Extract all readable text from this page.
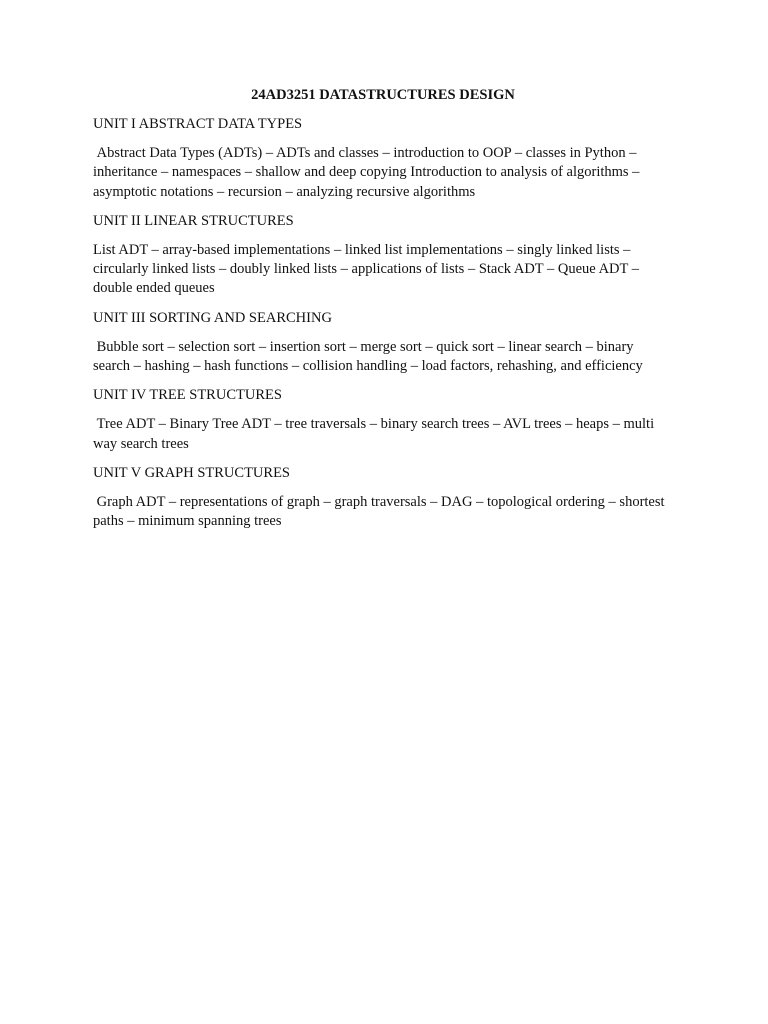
24AD3251 DATASTRUCTURES DESIGN
UNIT I ABSTRACT DATA TYPES

Abstract Data Types (ADTs) – ADTs and classes – introduction to OOP – classes in Python – inheritance – namespaces – shallow and deep copying Introduction to analysis of algorithms – asymptotic notations – recursion – analyzing recursive algorithms

UNIT II LINEAR STRUCTURES

List ADT – array-based implementations – linked list implementations – singly linked lists – circularly linked lists – doubly linked lists – applications of lists – Stack ADT – Queue ADT – double ended queues

UNIT III SORTING AND SEARCHING

Bubble sort – selection sort – insertion sort – merge sort – quick sort – linear search – binary search – hashing – hash functions – collision handling – load factors, rehashing, and efficiency

UNIT IV TREE STRUCTURES

Tree ADT – Binary Tree ADT – tree traversals – binary search trees – AVL trees – heaps – multi way search trees

UNIT V GRAPH STRUCTURES

Graph ADT – representations of graph – graph traversals – DAG – topological ordering – shortest paths – minimum spanning trees
